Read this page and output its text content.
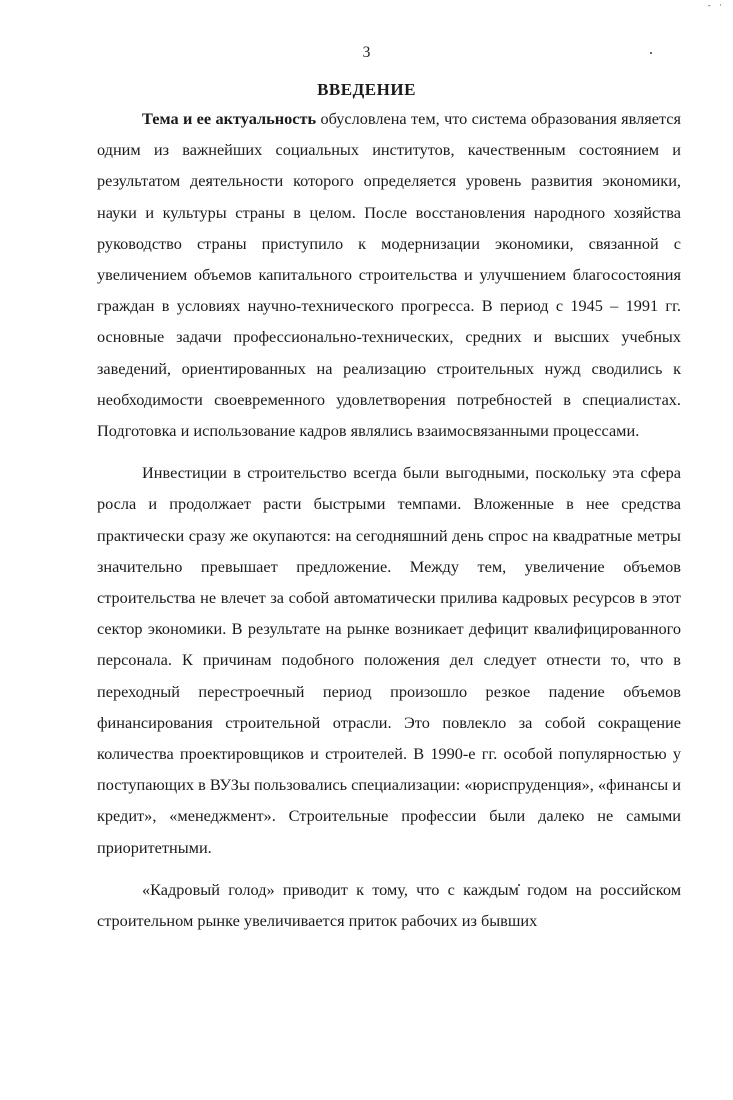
- ·
3
ВВЕДЕНИЕ

Тема и ее актуальность обусловлена тем, что система образования является одним из важнейших социальных институтов, качественным состоянием и результатом деятельности которого определяется уровень развития экономики, науки и культуры страны в целом. После восстановления народного хозяйства руководство страны приступило к модернизации экономики, связанной с увеличением объемов капитального строительства и улучшением благосостояния граждан в условиях научно-технического прогресса. В период с 1945 – 1991 гг. основные задачи профессионально-технических, средних и высших учебных заведений, ориентированных на реализацию строительных нужд сводились к необходимости своевременного удовлетворения потребностей в специалистах. Подготовка и использование кадров являлись взаимосвязанными процессами.

Инвестиции в строительство всегда были выгодными, поскольку эта сфера росла и продолжает расти быстрыми темпами. Вложенные в нее средства практически сразу же окупаются: на сегодняшний день спрос на квадратные метры значительно превышает предложение. Между тем, увеличение объемов строительства не влечет за собой автоматически прилива кадровых ресурсов в этот сектор экономики. В результате на рынке возникает дефицит квалифицированного персонала. К причинам подобного положения дел следует отнести то, что в переходный перестроечный период произошло резкое падение объемов финансирования строительной отрасли. Это повлекло за собой сокращение количества проектировщиков и строителей. В 1990-е гг. особой популярностью у поступающих в ВУЗы пользовались специализации: «юриспруденция», «финансы и кредит», «менеджмент». Строительные профессии были далеко не самыми приоритетными.

«Кадровый голод» приводит к тому, что с каждым годом на российском строительном рынке увеличивается приток рабочих из бывших
